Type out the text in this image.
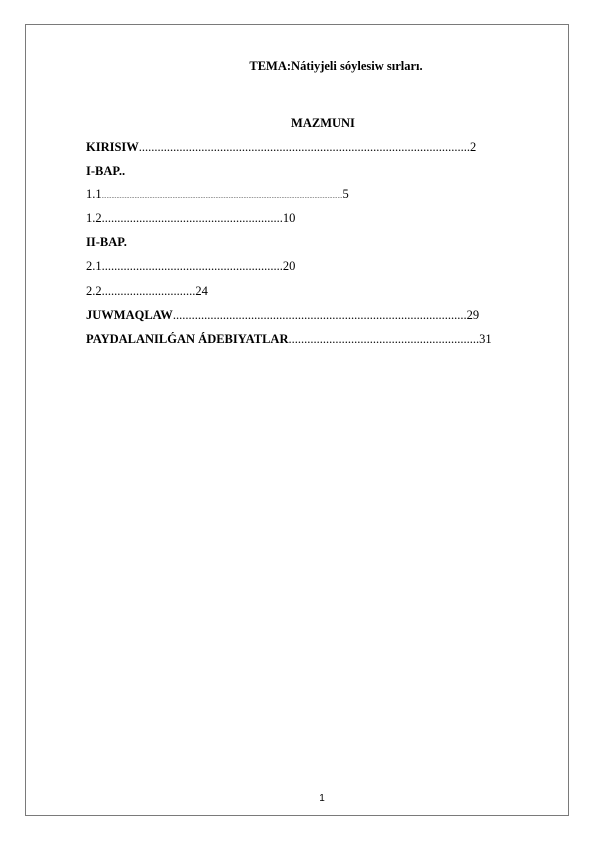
TEMA:Nátiyjeli sóylesiw sırları.
MAZMUNI
KIRISIW..........................................................................................................2
I-BAP..
1.1..................................................................................................................................................5
1.2..........................................................10
II-BAP.
2.1..........................................................20
2.2..............................24
JUWMAQLAW..............................................................................................29
PAYDALANILǴAN ÁDEBIYATLAR.............................................................31
1
